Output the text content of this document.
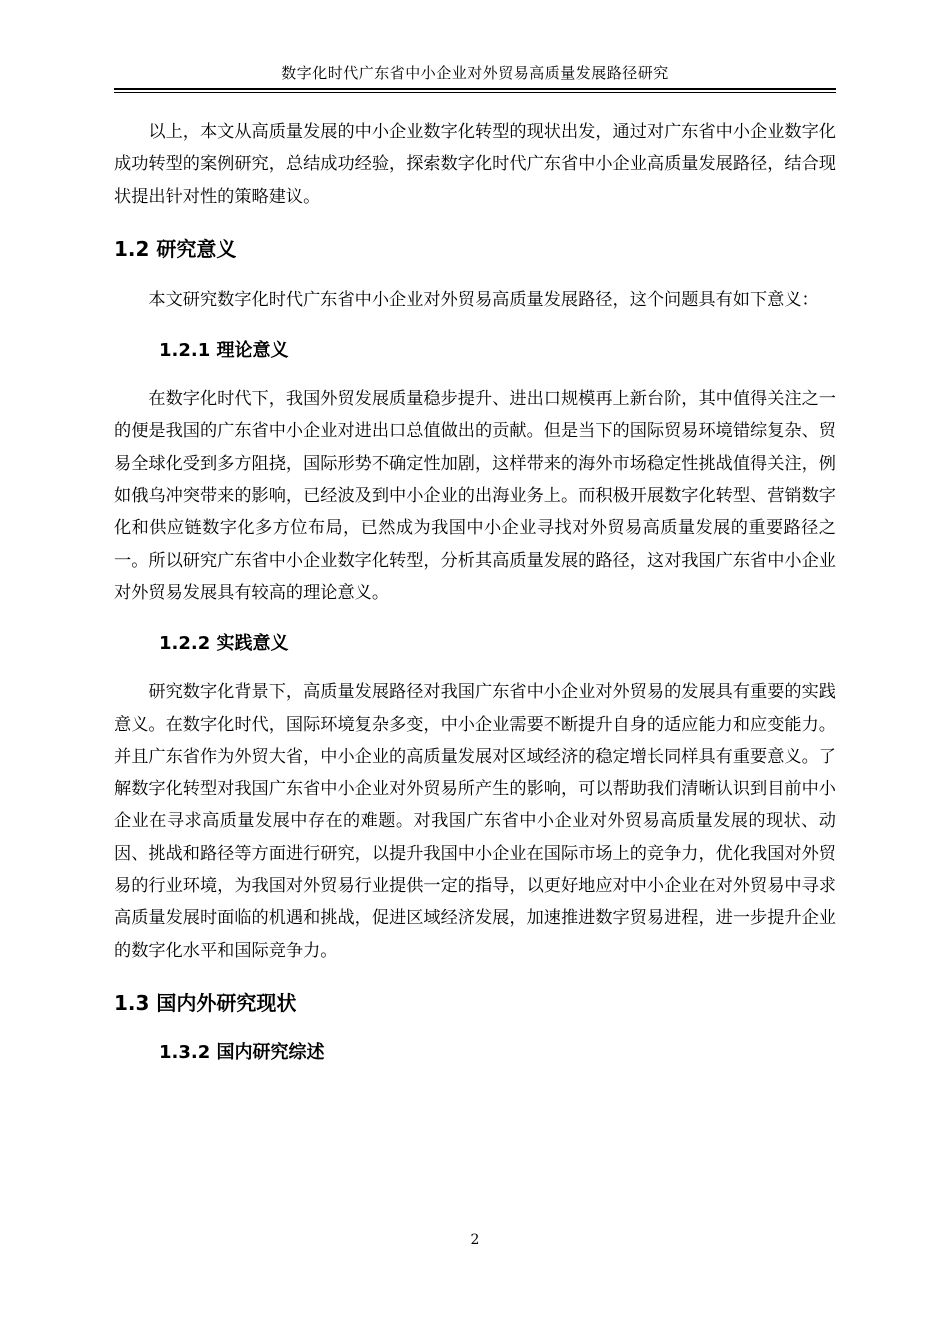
数字化时代广东省中小企业对外贸易高质量发展路径研究

以上，本文从高质量发展的中小企业数字化转型的现状出发，通过对广东省中小企业数字化成功转型的案例研究，总结成功经验，探索数字化时代广东省中小企业高质量发展路径，结合现状提出针对性的策略建议。

1.2 研究意义

本文研究数字化时代广东省中小企业对外贸易高质量发展路径，这个问题具有如下意义：

1.2.1 理论意义

在数字化时代下，我国外贸发展质量稳步提升、进出口规模再上新台阶，其中值得关注之一的便是我国的广东省中小企业对进出口总值做出的贡献。但是当下的国际贸易环境错综复杂、贸易全球化受到多方阻挠，国际形势不确定性加剧，这样带来的海外市场稳定性挑战值得关注，例如俄乌冲突带来的影响，已经波及到中小企业的出海业务上。而积极开展数字化转型、营销数字化和供应链数字化多方位布局，已然成为我国中小企业寻找对外贸易高质量发展的重要路径之一。所以研究广东省中小企业数字化转型，分析其高质量发展的路径，这对我国广东省中小企业对外贸易发展具有较高的理论意义。

1.2.2 实践意义

研究数字化背景下，高质量发展路径对我国广东省中小企业对外贸易的发展具有重要的实践意义。在数字化时代，国际环境复杂多变，中小企业需要不断提升自身的适应能力和应变能力。并且广东省作为外贸大省，中小企业的高质量发展对区域经济的稳定增长同样具有重要意义。了解数字化转型对我国广东省中小企业对外贸易所产生的影响，可以帮助我们清晰认识到目前中小企业在寻求高质量发展中存在的难题。对我国广东省中小企业对外贸易高质量发展的现状、动因、挑战和路径等方面进行研究，以提升我国中小企业在国际市场上的竞争力，优化我国对外贸易的行业环境，为我国对外贸易行业提供一定的指导，以更好地应对中小企业在对外贸易中寻求高质量发展时面临的机遇和挑战，促进区域经济发展，加速推进数字贸易进程，进一步提升企业的数字化水平和国际竞争力。

1.3 国内外研究现状
1.3.2 国内研究综述
2
